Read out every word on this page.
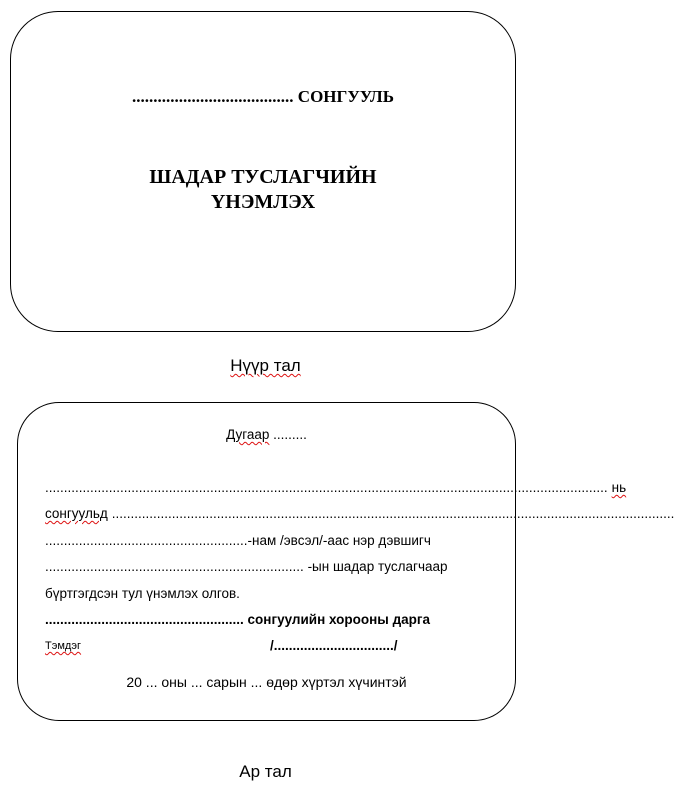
...................................... СОНГУУЛЬ
ШАДАР ТУСЛАГЧИЙН
ҮНЭМЛЭХ
Нүүр тал
Дугаар .........
...................................................................................................................................................... нь
сонгуульд ......................................................................................................................................................
......................................................-нам /эвсэл/-аас нэр дэвшигч
..................................................................... -ын шадар туслагчаар
бүртгэгдсэн тул үнэмлэх олгов.
..................................................... сонгуулийн хорооны дарга
Тэмдэг	/................................/
20 ... оны ... сарын ... өдөр хүртэл хүчинтэй
Ар тал
